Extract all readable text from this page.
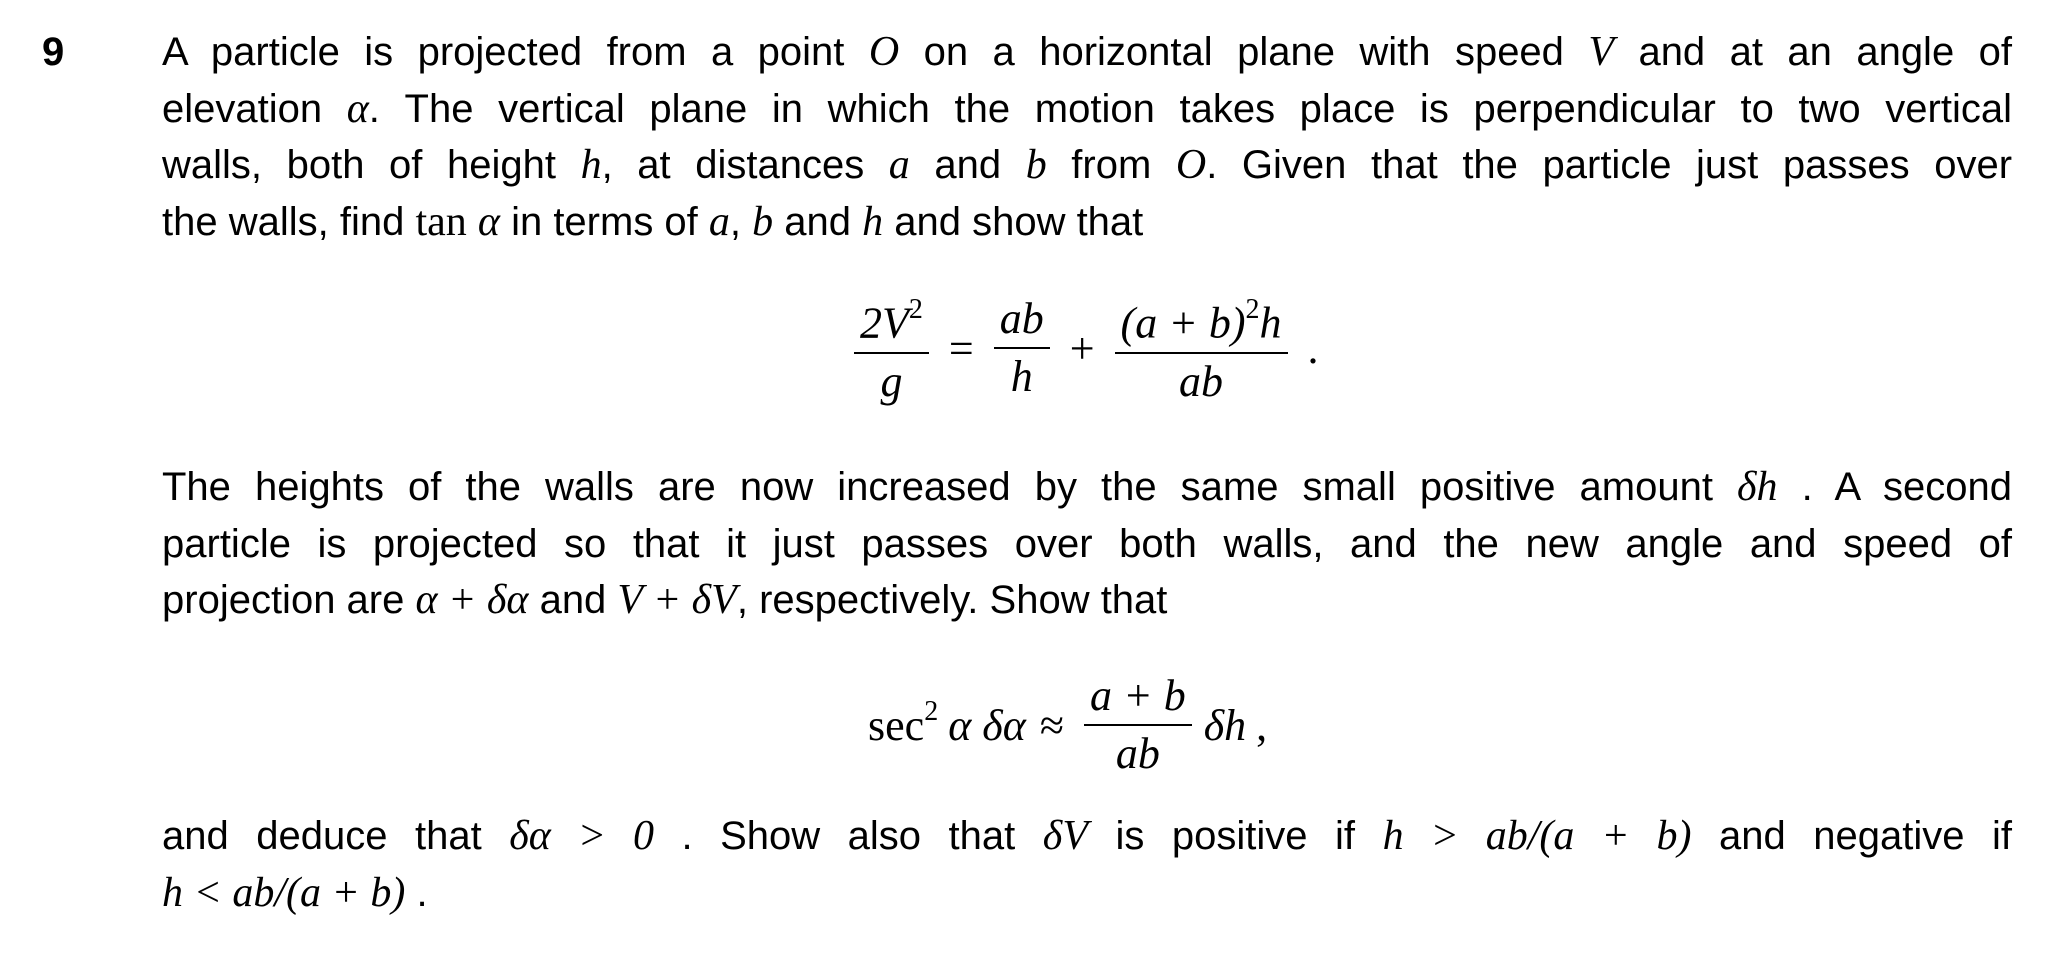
9 A particle is projected from a point O on a horizontal plane with speed V and at an angle of
elevation α. The vertical plane in which the motion takes place is perpendicular to two vertical
walls, both of height h, at distances a and b from O. Given that the particle just passes over
the walls, find tan α in terms of a, b and h and show that
$\frac{2V^2}{g} = \frac{ab}{h} + \frac{(a + b)^2h}{ab}$ .
The heights of the walls are now increased by the same small positive amount δh . A second
particle is projected so that it just passes over both walls, and the new angle and speed of
projection are α + δα and V + δV, respectively. Show that
$\sec^2 \alpha$ $\delta\alpha \approx \frac{a + b}{ab}$ δh ,
and deduce that δα > 0 . Show also that δV is positive if h > ab/(a + b) and negative if
h < ab/(a + b) .
